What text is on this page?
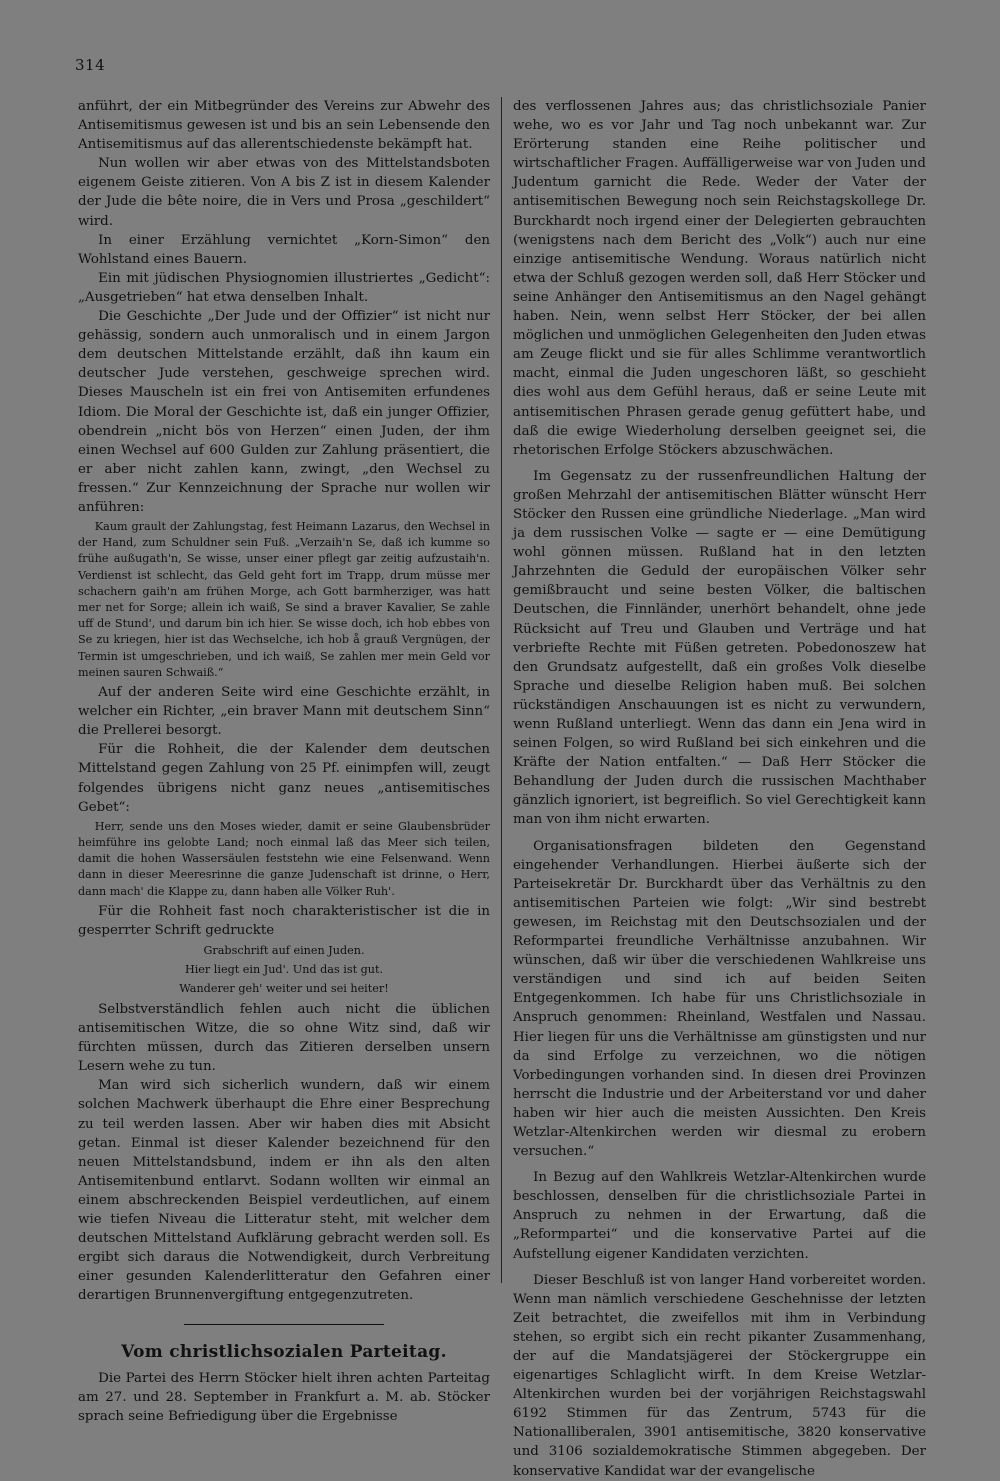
314

anführt, der ein Mitbegründer des Vereins zur Abwehr des Antisemitismus gewesen ist und bis an sein Lebensende den Antisemitismus auf das allerentschiedenste bekämpft hat.

Nun wollen wir aber etwas von des Mittelstandsboten eigenem Geiste zitieren. Von A bis Z ist in diesem Kalender der Jude die bête noire, die in Vers und Prosa „geschildert“ wird.

In einer Erzählung vernichtet „Korn-Simon“ den Wohlstand eines Bauern.

Ein mit jüdischen Physiognomien illustriertes „Gedicht“: „Ausgetrieben“ hat etwa denselben Inhalt.

Die Geschichte „Der Jude und der Offizier“ ist nicht nur gehässig, sondern auch unmoralisch und in einem Jargon dem deutschen Mittelstande erzählt, daß ihn kaum ein deutscher Jude verstehen, geschweige sprechen wird. Dieses Mauscheln ist ein frei von Antisemiten erfundenes Idiom. Die Moral der Geschichte ist, daß ein junger Offizier, obendrein „nicht bös von Herzen“ einen Juden, der ihm einen Wechsel auf 600 Gulden zur Zahlung präsentiert, die er aber nicht zahlen kann, zwingt, „den Wechsel zu fressen.“ Zur Kennzeichnung der Sprache nur wollen wir anführen:

Kaum grault der Zahlungstag, fest Heimann Lazarus, den Wechsel in der Hand, zum Schuldner sein Fuß. „Verzaih'n Se, daß ich kumme so frühe außugath'n, Se wisse, unser einer pflegt gar zeitig aufzustaih'n. Verdienst ist schlecht, das Geld geht fort im Trapp, drum müsse mer schachern gaih'n am frühen Morge, ach Gott barmherziger, was hatt mer net for Sorge; allein ich waiß, Se sind a braver Kavalier, Se zahle uff de Stund', und darum bin ich hier. Se wisse doch, ich hob ebbes von Se zu kriegen, hier ist das Wechselche, ich hob å grauß Vergnügen, der Termin ist umgeschrieben, und ich waiß, Se zahlen mer mein Geld vor meinen sauren Schwaiß.“

Auf der anderen Seite wird eine Geschichte erzählt, in welcher ein Richter, „ein braver Mann mit deutschem Sinn“ die Prellerei besorgt.

Für die Rohheit, die der Kalender dem deutschen Mittelstand gegen Zahlung von 25 Pf. einimpfen will, zeugt folgendes übrigens nicht ganz neues „antisemitisches Gebet“:

Herr, sende uns den Moses wieder, damit er seine Glaubensbrüder heimführe ins gelobte Land; noch einmal laß das Meer sich teilen, damit die hohen Wassersäulen feststehn wie eine Felsenwand. Wenn dann in dieser Meeresrinne die ganze Judenschaft ist drinne, o Herr, dann mach' die Klappe zu, dann haben alle Völker Ruh'.

Für die Rohheit fast noch charakteristischer ist die in gesperrter Schrift gedruckte

Grabschrift auf einen Juden.

Hier liegt ein Jud'. Und das ist gut.

Wanderer geh' weiter und sei heiter!

Selbstverständlich fehlen auch nicht die üblichen antisemitischen Witze, die so ohne Witz sind, daß wir fürchten müssen, durch das Zitieren derselben unsern Lesern wehe zu tun.

Man wird sich sicherlich wundern, daß wir einem solchen Machwerk überhaupt die Ehre einer Besprechung zu teil werden lassen. Aber wir haben dies mit Absicht getan. Einmal ist dieser Kalender bezeichnend für den neuen Mittelstandsbund, indem er ihn als den alten Antisemitenbund entlarvt. Sodann wollten wir einmal an einem abschreckenden Beispiel verdeutlichen, auf einem wie tiefen Niveau die Litteratur steht, mit welcher dem deutschen Mittelstand Aufklärung gebracht werden soll. Es ergibt sich daraus die Notwendigkeit, durch Verbreitung einer gesunden Kalenderlitteratur den Gefahren einer derartigen Brunnenvergiftung entgegenzutreten.

Vom christlichsozialen Parteitag.

Die Partei des Herrn Stöcker hielt ihren achten Parteitag am 27. und 28. September in Frankfurt a. M. ab. Stöcker sprach seine Befriedigung über die Ergebnisse

des verflossenen Jahres aus; das christlichsoziale Panier wehe, wo es vor Jahr und Tag noch unbekannt war. Zur Erörterung standen eine Reihe politischer und wirtschaftlicher Fragen. Auffälligerweise war von Juden und Judentum garnicht die Rede. Weder der Vater der antisemitischen Bewegung noch sein Reichstagskollege Dr. Burckhardt noch irgend einer der Delegierten gebrauchten (wenigstens nach dem Bericht des „Volk“) auch nur eine einzige antisemitische Wendung. Woraus natürlich nicht etwa der Schluß gezogen werden soll, daß Herr Stöcker und seine Anhänger den Antisemitismus an den Nagel gehängt haben. Nein, wenn selbst Herr Stöcker, der bei allen möglichen und unmöglichen Gelegenheiten den Juden etwas am Zeuge flickt und sie für alles Schlimme verantwortlich macht, einmal die Juden ungeschoren läßt, so geschieht dies wohl aus dem Gefühl heraus, daß er seine Leute mit antisemitischen Phrasen gerade genug gefüttert habe, und daß die ewige Wiederholung derselben geeignet sei, die rhetorischen Erfolge Stöckers abzuschwächen.

Im Gegensatz zu der russenfreundlichen Haltung der großen Mehrzahl der antisemitischen Blätter wünscht Herr Stöcker den Russen eine gründliche Niederlage. „Man wird ja dem russischen Volke — sagte er — eine Demütigung wohl gönnen müssen. Rußland hat in den letzten Jahrzehnten die Geduld der europäischen Völker sehr gemißbraucht und seine besten Völker, die baltischen Deutschen, die Finnländer, unerhört behandelt, ohne jede Rücksicht auf Treu und Glauben und Verträge und hat verbriefte Rechte mit Füßen getreten. Pobedonoszew hat den Grundsatz aufgestellt, daß ein großes Volk dieselbe Sprache und dieselbe Religion haben muß. Bei solchen rückständigen Anschauungen ist es nicht zu verwundern, wenn Rußland unterliegt. Wenn das dann ein Jena wird in seinen Folgen, so wird Rußland bei sich einkehren und die Kräfte der Nation entfalten.“ — Daß Herr Stöcker die Behandlung der Juden durch die russischen Machthaber gänzlich ignoriert, ist begreiflich. So viel Gerechtigkeit kann man von ihm nicht erwarten.

Organisationsfragen bildeten den Gegenstand eingehender Verhandlungen. Hierbei äußerte sich der Parteisekretär Dr. Burckhardt über das Verhältnis zu den antisemitischen Parteien wie folgt: „Wir sind bestrebt gewesen, im Reichstag mit den Deutschsozialen und der Reformpartei freundliche Verhältnisse anzubahnen. Wir wünschen, daß wir über die verschiedenen Wahlkreise uns verständigen und sind ich auf beiden Seiten Entgegenkommen. Ich habe für uns Christlichsoziale in Anspruch genommen: Rheinland, Westfalen und Nassau. Hier liegen für uns die Verhältnisse am günstigsten und nur da sind Erfolge zu verzeichnen, wo die nötigen Vorbedingungen vorhanden sind. In diesen drei Provinzen herrscht die Industrie und der Arbeiterstand vor und daher haben wir hier auch die meisten Aussichten. Den Kreis Wetzlar-Altenkirchen werden wir diesmal zu erobern versuchen.“

In Bezug auf den Wahlkreis Wetzlar-Altenkirchen wurde beschlossen, denselben für die christlichsoziale Partei in Anspruch zu nehmen in der Erwartung, daß die „Reformpartei“ und die konservative Partei auf die Aufstellung eigener Kandidaten verzichten.

Dieser Beschluß ist von langer Hand vorbereitet worden. Wenn man nämlich verschiedene Geschehnisse der letzten Zeit betrachtet, die zweifellos mit ihm in Verbindung stehen, so ergibt sich ein recht pikanter Zusammenhang, der auf die Mandatsjägerei der Stöckergruppe ein eigenartiges Schlaglicht wirft. In dem Kreise Wetzlar-Altenkirchen wurden bei der vorjährigen Reichstagswahl 6192 Stimmen für das Zentrum, 5743 für die Nationalliberalen, 3901 antisemitische, 3820 konservative und 3106 sozialdemokratische Stimmen abgegeben. Der konservative Kandidat war der evangelische
